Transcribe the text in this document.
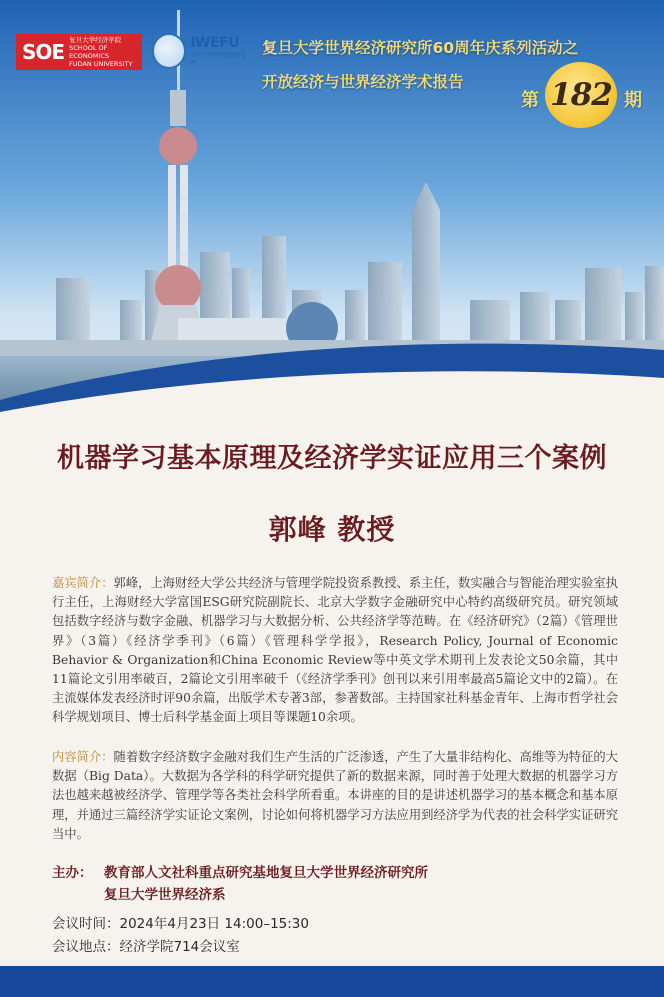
SOE 复旦大学经济学院
SCHOOL OF ECONOMICS
FUDAN UNIVERSITY
IWEFU
复旦大学世界经济研究所
复旦大学世界经济研究所60周年庆系列活动之
开放经济与世界经济学术报告
第 182 期
机器学习基本原理及经济学实证应用三个案例
郭峰 教授
嘉宾简介：郭峰，上海财经大学公共经济与管理学院投资系教授、系主任，数实融合与智能治理实验室执行主任，上海财经大学富国ESG研究院副院长、北京大学数字金融研究中心特约高级研究员。研究领域包括数字经济与数字金融、机器学习与大数据分析、公共经济学等范畴。在《经济研究》（2篇）《管理世界》（3篇）《经济学季刊》（6篇）《管理科学学报》，Research Policy, Journal of Economic Behavior & Organization和China Economic Review等中英文学术期刊上发表论文50余篇，其中11篇论文引用率破百，2篇论文引用率破千（《经济学季刊》创刊以来引用率最高5篇论文中的2篇）。在主流媒体发表经济时评90余篇，出版学术专著3部，参著数部。主持国家社科基金青年、上海市哲学社会科学规划项目、博士后科学基金面上项目等课题10余项。
内容简介：随着数字经济数字金融对我们生产生活的广泛渗透，产生了大量非结构化、高维等为特征的大数据（Big Data）。大数据为各学科的科学研究提供了新的数据来源，同时善于处理大数据的机器学习方法也越来越被经济学、管理学等各类社会科学所看重。本讲座的目的是讲述机器学习的基本概念和基本原理，并通过三篇经济学实证论文案例，讨论如何将机器学习方法应用到经济学为代表的社会科学实证研究当中。
主办： 教育部人文社科重点研究基地复旦大学世界经济研究所
复旦大学世界经济系
会议时间：2024年4月23日 14:00–15:30
会议地点：经济学院714会议室
